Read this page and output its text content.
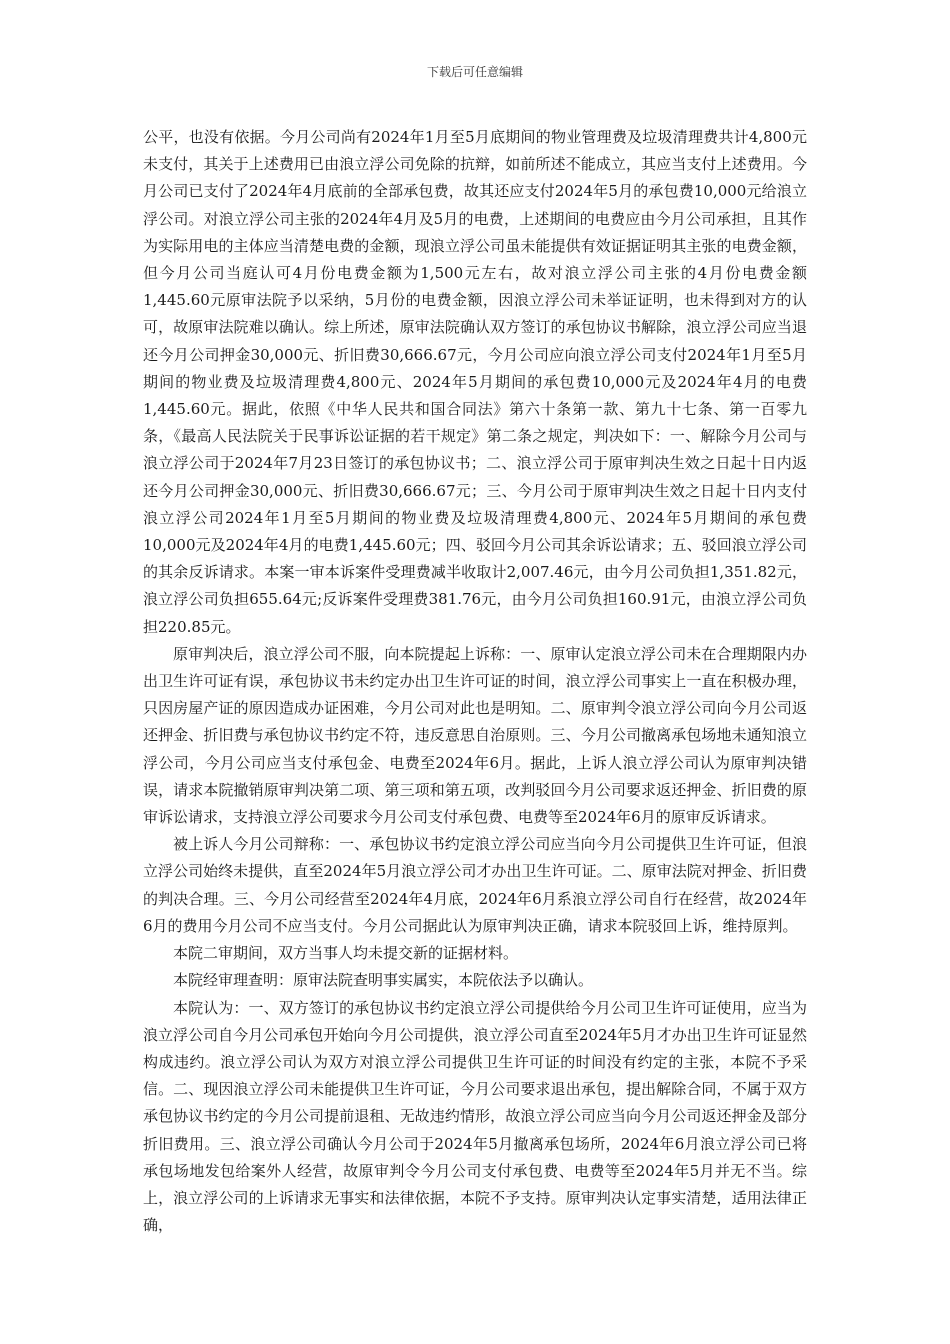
下载后可任意编辑

公平，也没有依据。今月公司尚有2024年1月至5月底期间的物业管理费及垃圾清理费共计4,800元未支付，其关于上述费用已由浪立浮公司免除的抗辩，如前所述不能成立，其应当支付上述费用。今月公司已支付了2024年4月底前的全部承包费，故其还应支付2024年5月的承包费10,000元给浪立浮公司。对浪立浮公司主张的2024年4月及5月的电费，上述期间的电费应由今月公司承担，且其作为实际用电的主体应当清楚电费的金额，现浪立浮公司虽未能提供有效证据证明其主张的电费金额，但今月公司当庭认可4月份电费金额为1,500元左右，故对浪立浮公司主张的4月份电费金额1,445.60元原审法院予以采纳，5月份的电费金额，因浪立浮公司未举证证明，也未得到对方的认可，故原审法院难以确认。综上所述，原审法院确认双方签订的承包协议书解除，浪立浮公司应当退还今月公司押金30,000元、折旧费30,666.67元，今月公司应向浪立浮公司支付2024年1月至5月期间的物业费及垃圾清理费4,800元、2024年5月期间的承包费10,000元及2024年4月的电费1,445.60元。据此，依照《中华人民共和国合同法》第六十条第一款、第九十七条、第一百零九条，《最高人民法院关于民事诉讼证据的若干规定》第二条之规定，判决如下：一、解除今月公司与浪立浮公司于2024年7月23日签订的承包协议书；二、浪立浮公司于原审判决生效之日起十日内返还今月公司押金30,000元、折旧费30,666.67元；三、今月公司于原审判决生效之日起十日内支付浪立浮公司2024年1月至5月期间的物业费及垃圾清理费4,800元、2024年5月期间的承包费10,000元及2024年4月的电费1,445.60元；四、驳回今月公司其余诉讼请求；五、驳回浪立浮公司的其余反诉请求。本案一审本诉案件受理费减半收取计2,007.46元，由今月公司负担1,351.82元，浪立浮公司负担655.64元;反诉案件受理费381.76元，由今月公司负担160.91元，由浪立浮公司负担220.85元。

原审判决后，浪立浮公司不服，向本院提起上诉称：一、原审认定浪立浮公司未在合理期限内办出卫生许可证有误，承包协议书未约定办出卫生许可证的时间，浪立浮公司事实上一直在积极办理，只因房屋产证的原因造成办证困难，今月公司对此也是明知。二、原审判令浪立浮公司向今月公司返还押金、折旧费与承包协议书约定不符，违反意思自治原则。三、今月公司撤离承包场地未通知浪立浮公司，今月公司应当支付承包金、电费至2024年6月。据此，上诉人浪立浮公司认为原审判决错误，请求本院撤销原审判决第二项、第三项和第五项，改判驳回今月公司要求返还押金、折旧费的原审诉讼请求，支持浪立浮公司要求今月公司支付承包费、电费等至2024年6月的原审反诉请求。

被上诉人今月公司辩称：一、承包协议书约定浪立浮公司应当向今月公司提供卫生许可证，但浪立浮公司始终未提供，直至2024年5月浪立浮公司才办出卫生许可证。二、原审法院对押金、折旧费的判决合理。三、今月公司经营至2024年4月底，2024年6月系浪立浮公司自行在经营，故2024年6月的费用今月公司不应当支付。今月公司据此认为原审判决正确，请求本院驳回上诉，维持原判。

本院二审期间，双方当事人均未提交新的证据材料。

本院经审理查明：原审法院查明事实属实，本院依法予以确认。

本院认为：一、双方签订的承包协议书约定浪立浮公司提供给今月公司卫生许可证使用，应当为浪立浮公司自今月公司承包开始向今月公司提供，浪立浮公司直至2024年5月才办出卫生许可证显然构成违约。浪立浮公司认为双方对浪立浮公司提供卫生许可证的时间没有约定的主张，本院不予采信。二、现因浪立浮公司未能提供卫生许可证，今月公司要求退出承包，提出解除合同，不属于双方承包协议书约定的今月公司提前退租、无故违约情形，故浪立浮公司应当向今月公司返还押金及部分折旧费用。三、浪立浮公司确认今月公司于2024年5月撤离承包场所，2024年6月浪立浮公司已将承包场地发包给案外人经营，故原审判令今月公司支付承包费、电费等至2024年5月并无不当。综上，浪立浮公司的上诉请求无事实和法律依据，本院不予支持。原审判决认定事实清楚，适用法律正确，
